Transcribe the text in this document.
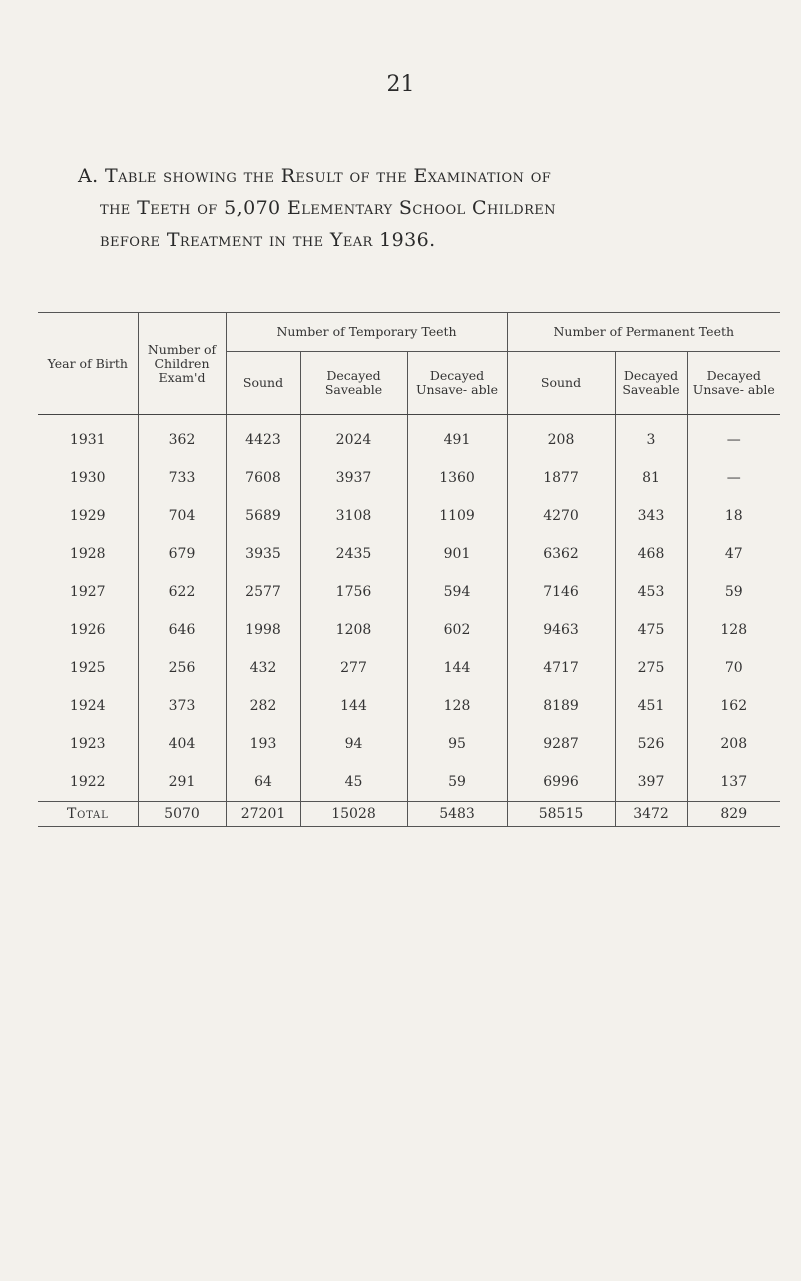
21
A. Table showing the Result of the Examination of
the Teeth of 5,070 Elementary School Children
before Treatment in the Year 1936.
Year of Birth	Number of Children Exam'd	Number of Temporary Teeth			Number of Permanent Teeth		
		Sound	Decayed Saveable	Decayed Unsave- able	Sound	Decayed Saveable	Decayed Unsave- able
1931	362	4423	2024	491	208	3	—
1930	733	7608	3937	1360	1877	81	—
1929	704	5689	3108	1109	4270	343	18
1928	679	3935	2435	901	6362	468	47
1927	622	2577	1756	594	7146	453	59
1926	646	1998	1208	602	9463	475	128
1925	256	432	277	144	4717	275	70
1924	373	282	144	128	8189	451	162
1923	404	193	94	95	9287	526	208
1922	291	64	45	59	6996	397	137
Total	5070	27201	15028	5483	58515	3472	829
